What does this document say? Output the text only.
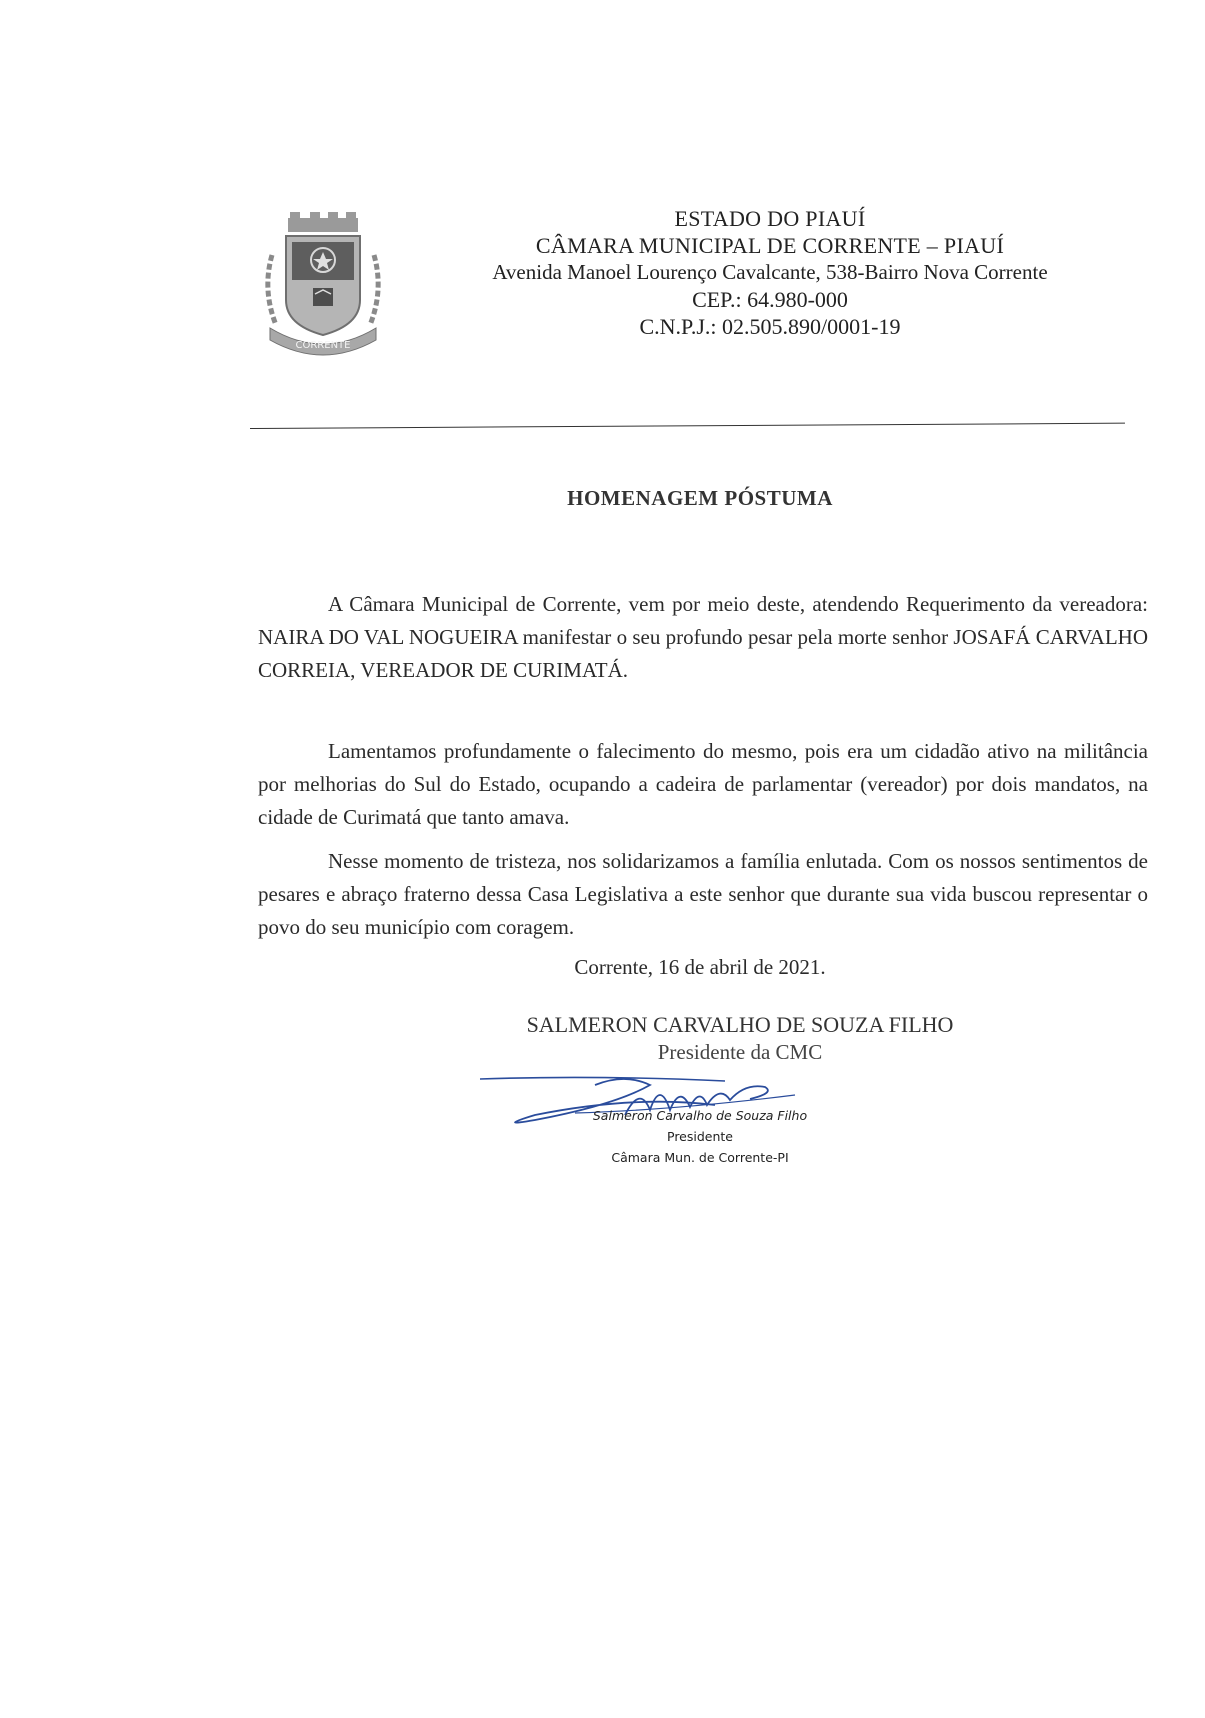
CORRENTE
ESTADO DO PIAUÍ
CÂMARA MUNICIPAL DE CORRENTE – PIAUÍ
Avenida Manoel Lourenço Cavalcante, 538-Bairro Nova Corrente
CEP.: 64.980-000
C.N.P.J.: 02.505.890/0001-19
HOMENAGEM PÓSTUMA
A Câmara Municipal de Corrente, vem por meio deste, atendendo Requerimento da vereadora: NAIRA DO VAL NOGUEIRA manifestar o seu profundo pesar pela morte senhor JOSAFÁ CARVALHO CORREIA, VEREADOR DE CURIMATÁ.
Lamentamos profundamente o falecimento do mesmo, pois era um cidadão ativo na militância por melhorias do Sul do Estado, ocupando a cadeira de parlamentar (vereador) por dois mandatos, na cidade de Curimatá que tanto amava.
Nesse momento de tristeza, nos solidarizamos a família enlutada. Com os nossos sentimentos de pesares e abraço fraterno dessa Casa Legislativa a este senhor que durante sua vida buscou representar o povo do seu município com coragem.
Corrente, 16 de abril de 2021.
SALMERON CARVALHO DE SOUZA FILHO
Presidente da CMC
Salmeron Carvalho de Souza Filho
Presidente
Câmara Mun. de Corrente-PI
